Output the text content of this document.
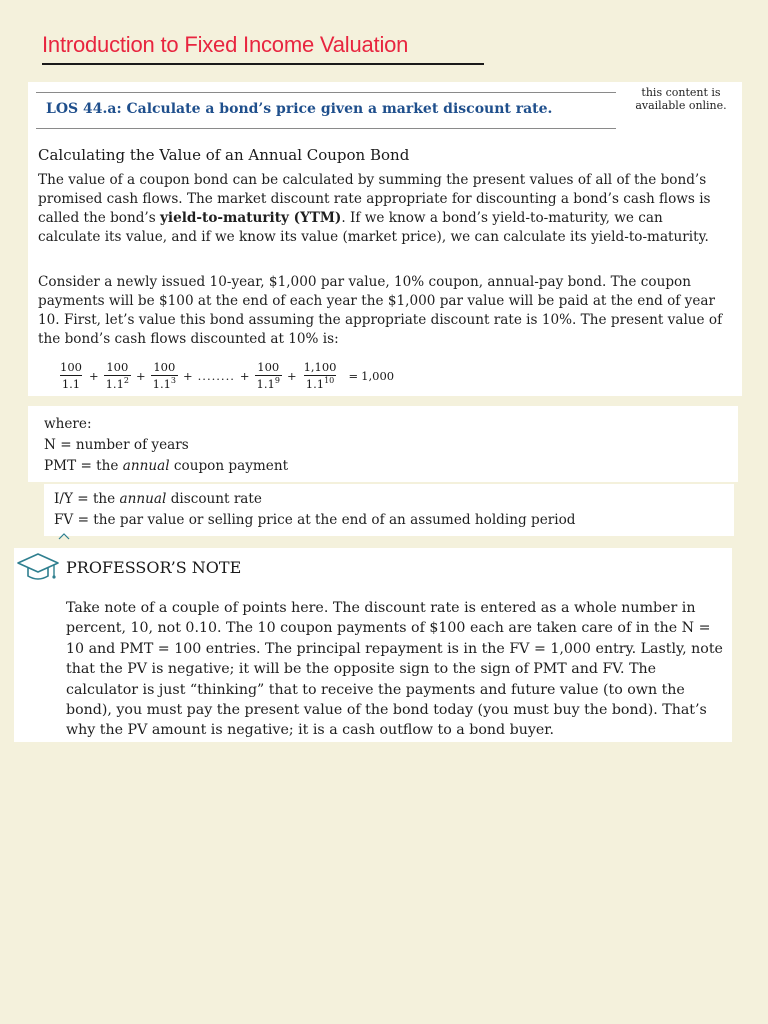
Introduction to Fixed Income Valuation
this content is
available online.
LOS 44.a: Calculate a bond’s price given a market discount rate.
Calculating the Value of an Annual Coupon Bond

The value of a coupon bond can be calculated by summing the present values of all of the bond’s promised cash flows. The market discount rate appropriate for discounting a bond’s cash flows is called the bond’s yield-to-maturity (YTM). If we know a bond’s yield-to-maturity, we can calculate its value, and if we know its value (market price), we can calculate its yield-to-maturity.

Consider a newly issued 10-year, $1,000 par value, 10% coupon, annual-pay bond. The coupon payments will be $100 at the end of each year the $1,000 par value will be paid at the end of year 10. First, let’s value this bond assuming the appropriate discount rate is 10%. The present value of the bond’s cash flows discounted at 10% is:

$\frac{100}{1.1} + \frac{100}{1.1^2} + \frac{100}{1.1^3}$ + ........ + $\frac{100}{1.1^9} + \frac{1,100}{1.1^{10}} = 1,000$
where:
N = number of years
PMT = the annual coupon payment
I/Y = the annual discount rate
FV = the par value or selling price at the end of an assumed holding period
PROFESSOR’S NOTE

Take note of a couple of points here. The discount rate is entered as a whole number in percent, 10, not 0.10. The 10 coupon payments of $100 each are taken care of in the N = 10 and PMT = 100 entries. The principal repayment is in the FV = 1,000 entry. Lastly, note that the PV is negative; it will be the opposite sign to the sign of PMT and FV. The calculator is just “thinking” that to receive the payments and future value (to own the bond), you must pay the present value of the bond today (you must buy the bond). That’s why the PV amount is negative; it is a cash outflow to a bond buyer.
